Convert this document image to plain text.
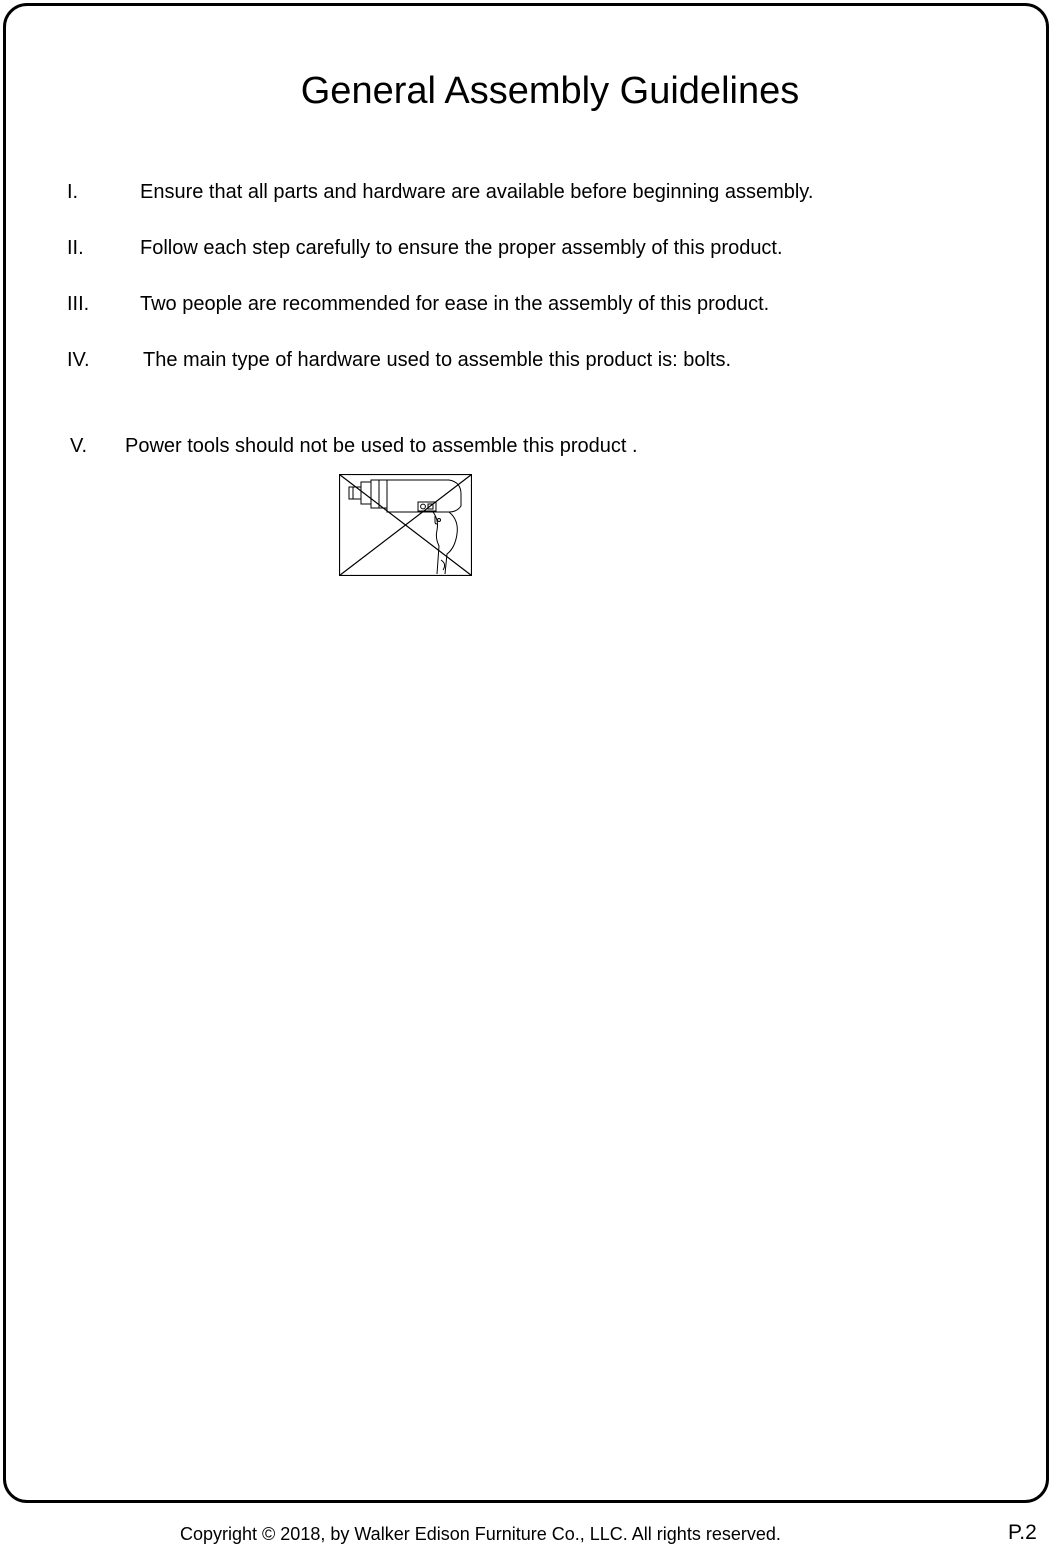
General Assembly Guidelines
I.	Ensure that all parts and hardware are available before beginning assembly.
II.	Follow each step carefully to ensure the proper assembly of this product.
III.	Two people are recommended for ease in the assembly of this product.
IV.	The main type of hardware used to assemble this product is: bolts.
V. Power tools should not be used to assemble this product .
Copyright © 2018, by Walker Edison Furniture Co., LLC. All rights reserved.	P.2
